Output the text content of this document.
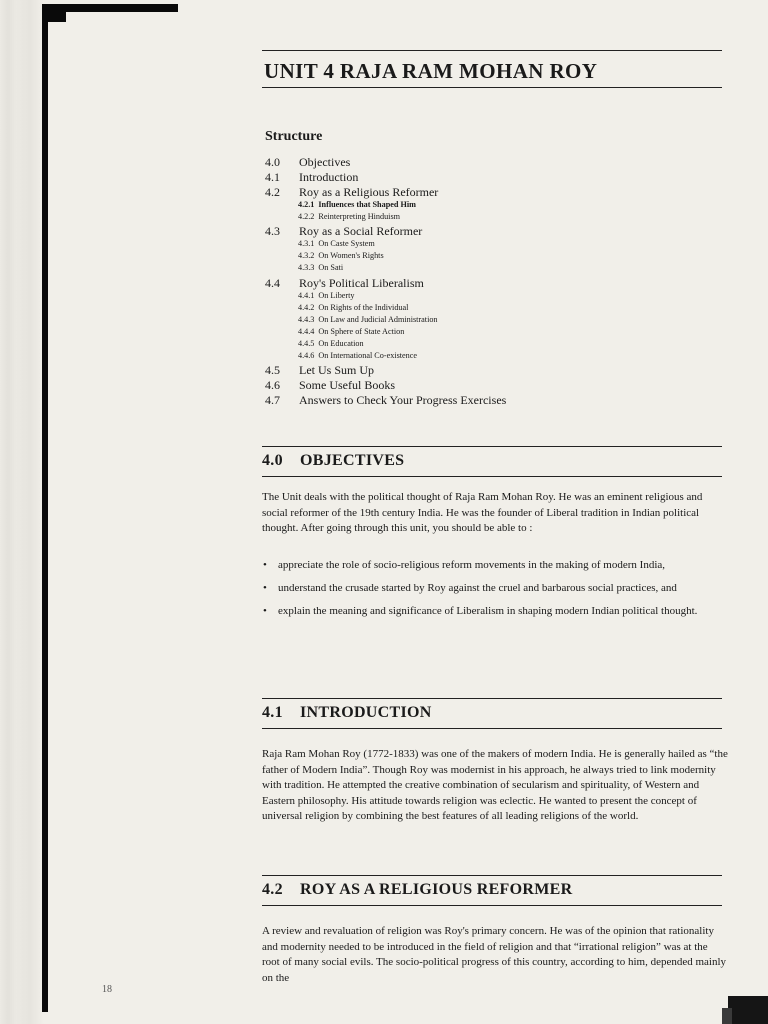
UNIT 4 RAJA RAM MOHAN ROY
Structure
4.0 Objectives
4.1 Introduction
4.2 Roy as a Religious Reformer
4.2.1 Influences that Shaped Him
4.2.2 Reinterpreting Hinduism
4.3 Roy as a Social Reformer
4.3.1 On Caste System
4.3.2 On Women's Rights
4.3.3 On Sati
4.4 Roy's Political Liberalism
4.4.1 On Liberty
4.4.2 On Rights of the Individual
4.4.3 On Law and Judicial Administration
4.4.4 On Sphere of State Action
4.4.5 On Education
4.4.6 On International Co-existence
4.5 Let Us Sum Up
4.6 Some Useful Books
4.7 Answers to Check Your Progress Exercises
4.0 OBJECTIVES

The Unit deals with the political thought of Raja Ram Mohan Roy. He was an eminent religious and social reformer of the 19th century India. He was the founder of Liberal tradition in Indian political thought. After going through this unit, you should be able to :

• appreciate the role of socio-religious reform movements in the making of modern India,
• understand the crusade started by Roy against the cruel and barbarous social practices, and
• explain the meaning and significance of Liberalism in shaping modern Indian political thought.
4.1 INTRODUCTION

Raja Ram Mohan Roy (1772-1833) was one of the makers of modern India. He is generally hailed as “the father of Modern India”. Though Roy was modernist in his approach, he always tried to link modernity with tradition. He attempted the creative combination of secularism and spirituality, of Western and Eastern philosophy. His attitude towards religion was eclectic. He wanted to present the concept of universal religion by combining the best features of all leading religions of the world.

4.2 ROY AS A RELIGIOUS REFORMER

A review and revaluation of religion was Roy's primary concern. He was of the opinion that rationality and modernity needed to be introduced in the field of religion and that “irrational religion” was at the root of many social evils. The socio-political progress of this country, according to him, depended mainly on the

18
